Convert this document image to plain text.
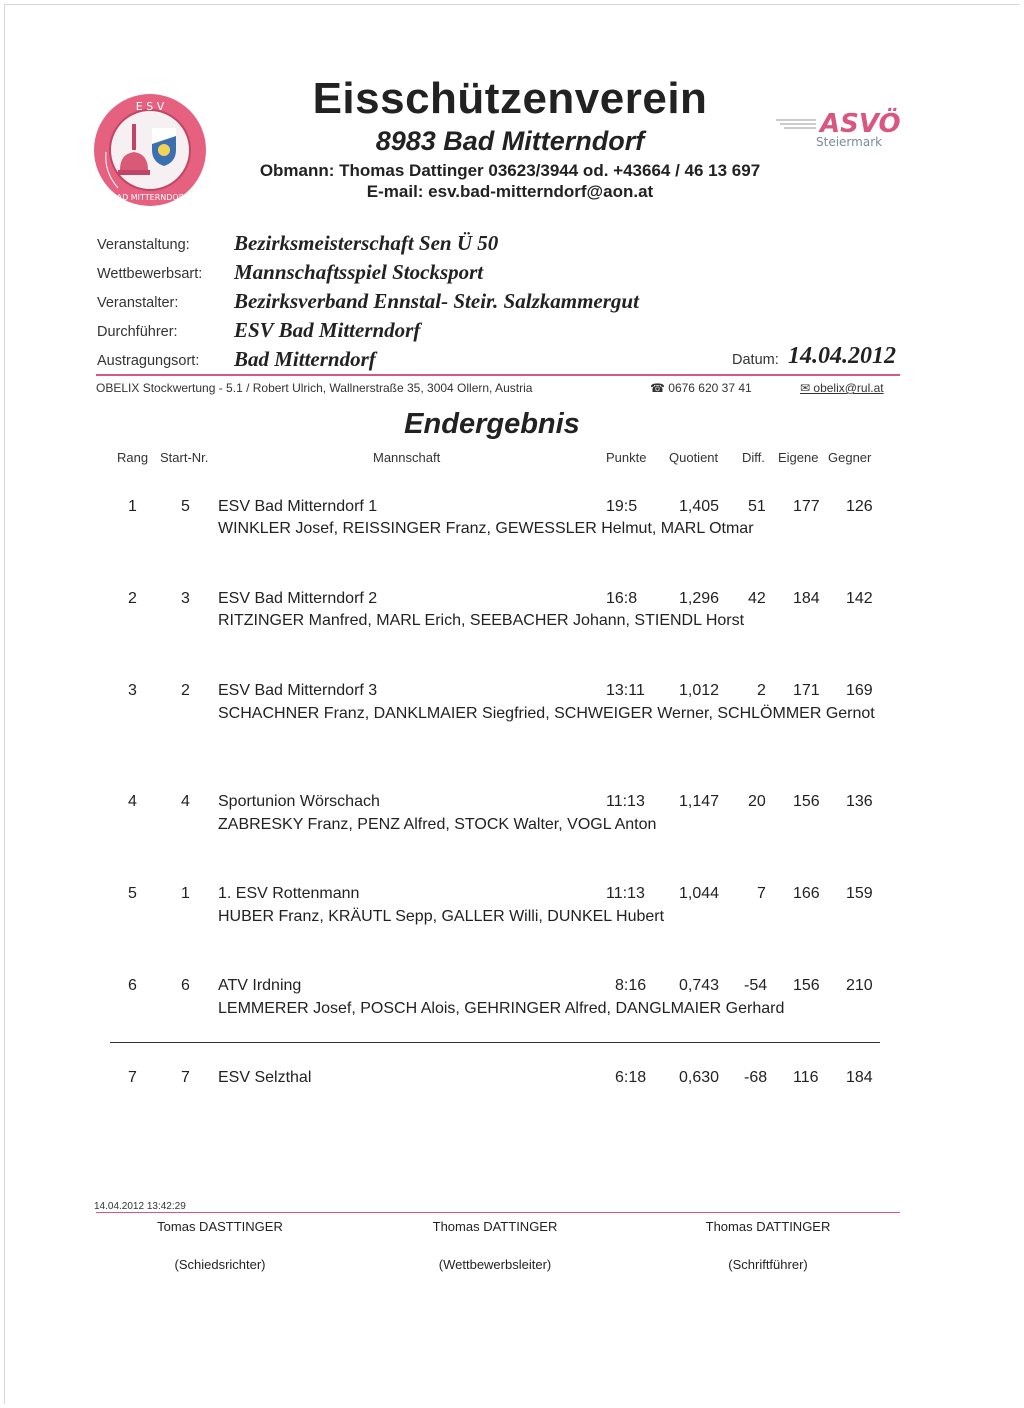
E S V
BAD MITTERNDORF
Eisschützenverein
8983 Bad Mitterndorf
Obmann: Thomas Dattinger 03623/3944 od. +43664 / 46 13 697
E-mail: esv.bad-mitterndorf@aon.at
ASVÖ
Steiermark
Veranstaltung: Bezirksmeisterschaft Sen Ü 50
Wettbewerbsart: Mannschaftsspiel Stocksport
Veranstalter:	Bezirksverband Ennstal- Steir. Salzkammergut
Durchführer:	ESV Bad Mitterndorf
Austragungsort: Bad Mitterndorf	Datum: 14.04.2012
OBELIX Stockwertung - 5.1 / Robert Ulrich, Wallnerstraße 35, 3004 Ollern, Austria	☎ 0676 620 37 41	✉ obelix@rul.at
Endergebnis
Rang Start-Nr.	Mannschaft	Punkte Quotient Diff. Eigene Gegner
1	5 ESV Bad Mitterndorf 1	19:5	1,405 51 177 126
WINKLER Josef, REISSINGER Franz, GEWESSLER Helmut, MARL Otmar
2	3 ESV Bad Mitterndorf 2	16:8	1,296 42 184 142
RITZINGER Manfred, MARL Erich, SEEBACHER Johann, STIENDL Horst
3	2 ESV Bad Mitterndorf 3	13:11 1,012 2 171 169
SCHACHNER Franz, DANKLMAIER Siegfried, SCHWEIGER Werner, SCHLÖMMER Gernot
4	4 Sportunion Wörschach	11:13 1,147 20 156 136
ZABRESKY Franz, PENZ Alfred, STOCK Walter, VOGL Anton
5	1 1. ESV Rottenmann	11:13 1,044 7 166 159
HUBER Franz, KRÄUTL Sepp, GALLER Willi, DUNKEL Hubert
6	6 ATV Irdning	8:16 0,743 -54 156 210
LEMMERER Josef, POSCH Alois, GEHRINGER Alfred, DANGLMAIER Gerhard
7	7 ESV Selzthal	6:18 0,630 -68 116 184
14.04.2012 13:42:29
Tomas DASTTINGER
(Schiedsrichter)
Thomas DATTINGER
(Wettbewerbsleiter)
Thomas DATTINGER
(Schriftführer)
